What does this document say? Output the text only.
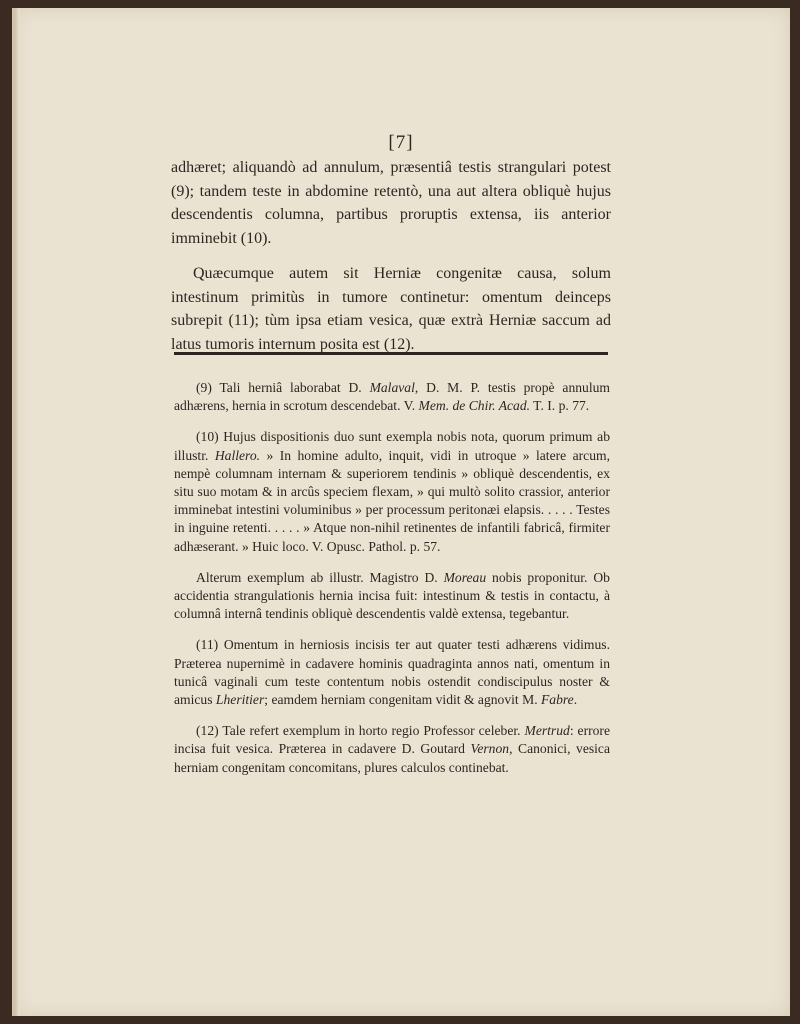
[7]

adhæret; aliquandò ad annulum, præsentiâ testis strangulari potest (9); tandem teste in abdomine retentò, una aut altera obliquè hujus descendentis columna, partibus proruptis extensa, iis anterior imminebit (10).

Quæcumque autem sit Herniæ congenitæ causa, solum intestinum primitùs in tumore continetur: omentum deinceps subrepit (11); tùm ipsa etiam vesica, quæ extrà Herniæ saccum ad latus tumoris internum posita est (12).

(9) Tali herniâ laborabat D. Malaval, D. M. P. testis propè annulum adhærens, hernia in scrotum descendebat. V. Mem. de Chir. Acad. T. I. p. 77.

(10) Hujus dispositionis duo sunt exempla nobis nota, quorum primum ab illustr. Hallero. » In homine adulto, inquit, vidi in utroque » latere arcum, nempè columnam internam & superiorem tendinis » obliquè descendentis, ex situ suo motam & in arcûs speciem flexam, » qui multò solito crassior, anterior imminebat intestini voluminibus » per processum peritonæi elapsis. . . . . Testes in inguine retenti. . . . . » Atque non-nihil retinentes de infantili fabricâ, firmiter adhæserant. » Huic loco. V. Opusc. Pathol. p. 57.

Alterum exemplum ab illustr. Magistro D. Moreau nobis proponitur. Ob accidentia strangulationis hernia incisa fuit: intestinum & testis in contactu, à columnâ internâ tendinis obliquè descendentis valdè extensa, tegebantur.

(11) Omentum in herniosis incisis ter aut quater testi adhærens vidimus. Præterea nupernimè in cadavere hominis quadraginta annos nati, omentum in tunicâ vaginali cum teste contentum nobis ostendit condiscipulus noster & amicus Lheritier; eamdem herniam congenitam vidit & agnovit M. Fabre.

(12) Tale refert exemplum in horto regio Professor celeber. Mertrud: errore incisa fuit vesica. Præterea in cadavere D. Goutard Vernon, Canonici, vesica herniam congenitam concomitans, plures calculos continebat.
